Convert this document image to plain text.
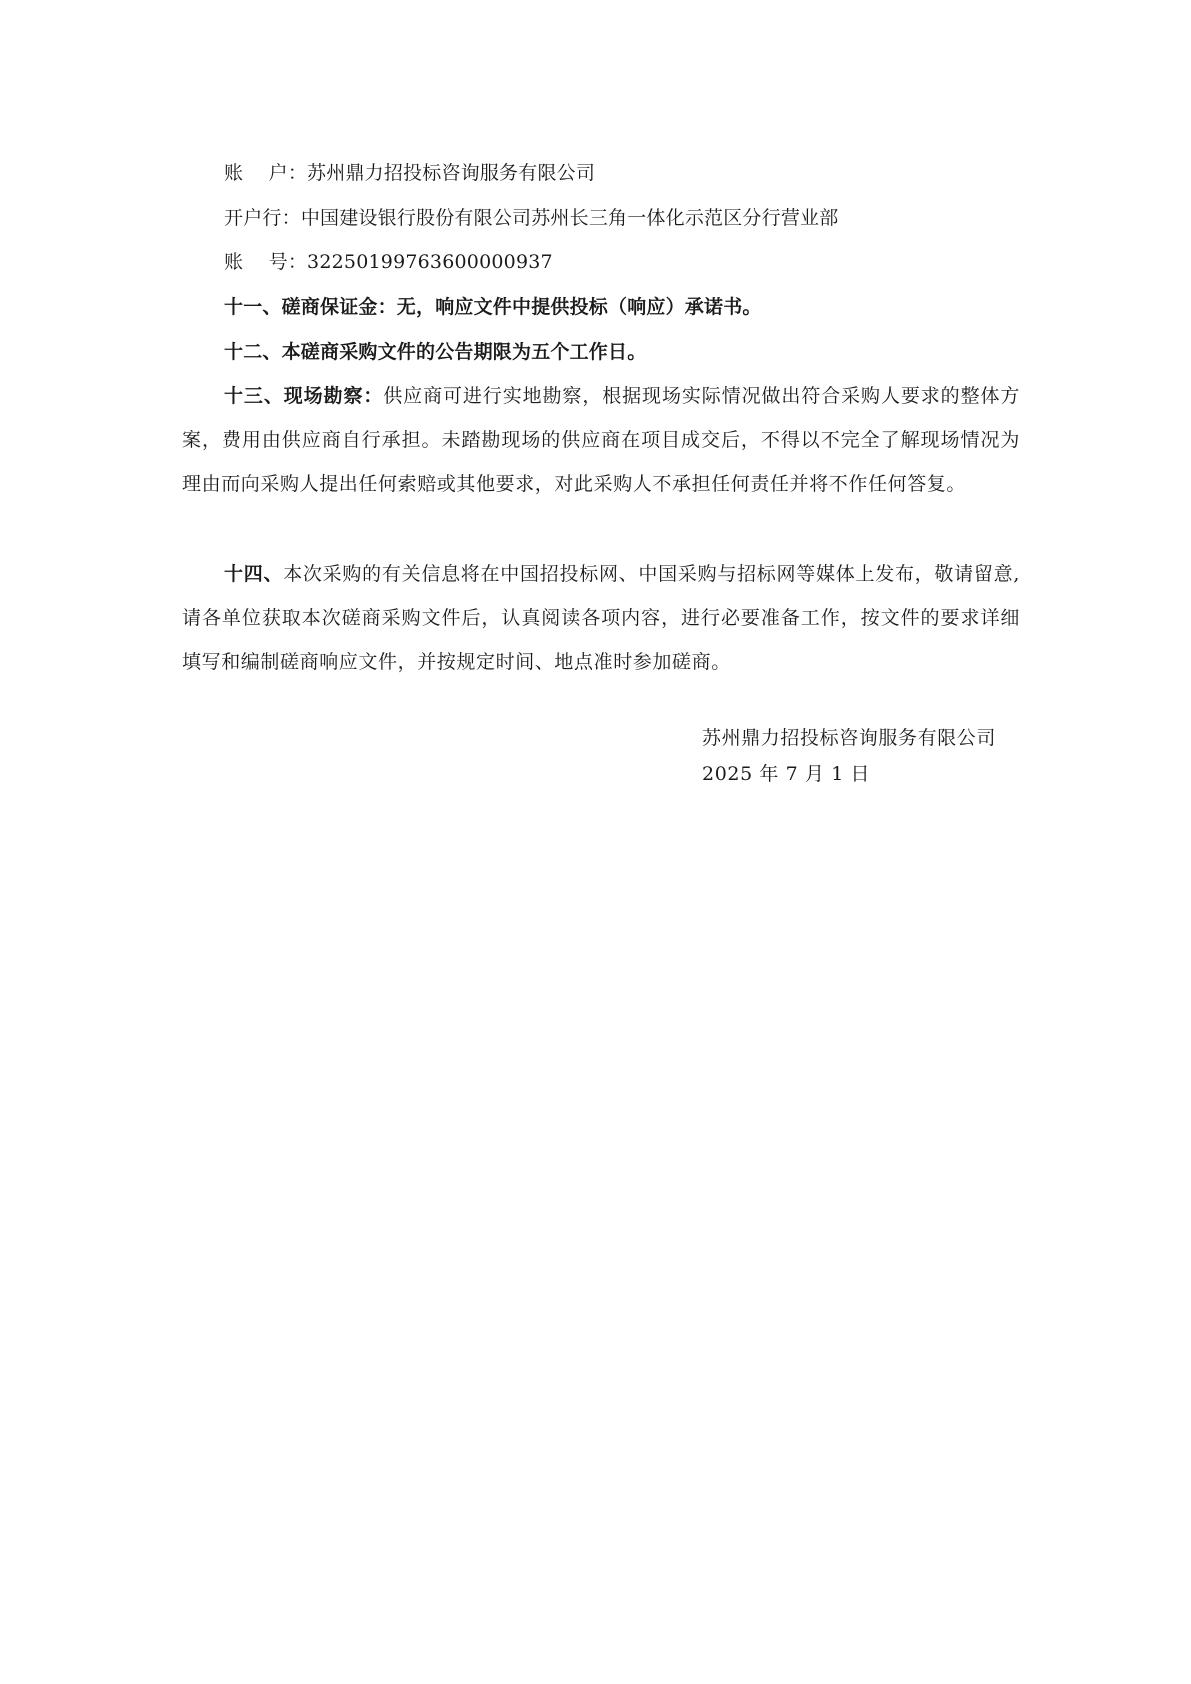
账　 户：苏州鼎力招投标咨询服务有限公司
开户行：中国建设银行股份有限公司苏州长三角一体化示范区分行营业部
账　 号：32250199763600000937
十一、磋商保证金：无，响应文件中提供投标（响应）承诺书。
十二、本磋商采购文件的公告期限为五个工作日。
十三、现场勘察：供应商可进行实地勘察，根据现场实际情况做出符合采购人要求的整体方案，费用由供应商自行承担。未踏勘现场的供应商在项目成交后，不得以不完全了解现场情况为理由而向采购人提出任何索赔或其他要求，对此采购人不承担任何责任并将不作任何答复。
十四、本次采购的有关信息将在中国招投标网、中国采购与招标网等媒体上发布，敬请留意,请各单位获取本次磋商采购文件后，认真阅读各项内容，进行必要准备工作，按文件的要求详细填写和编制磋商响应文件，并按规定时间、地点准时参加磋商。
苏州鼎力招投标咨询服务有限公司
2025 年 7 月 1 日
